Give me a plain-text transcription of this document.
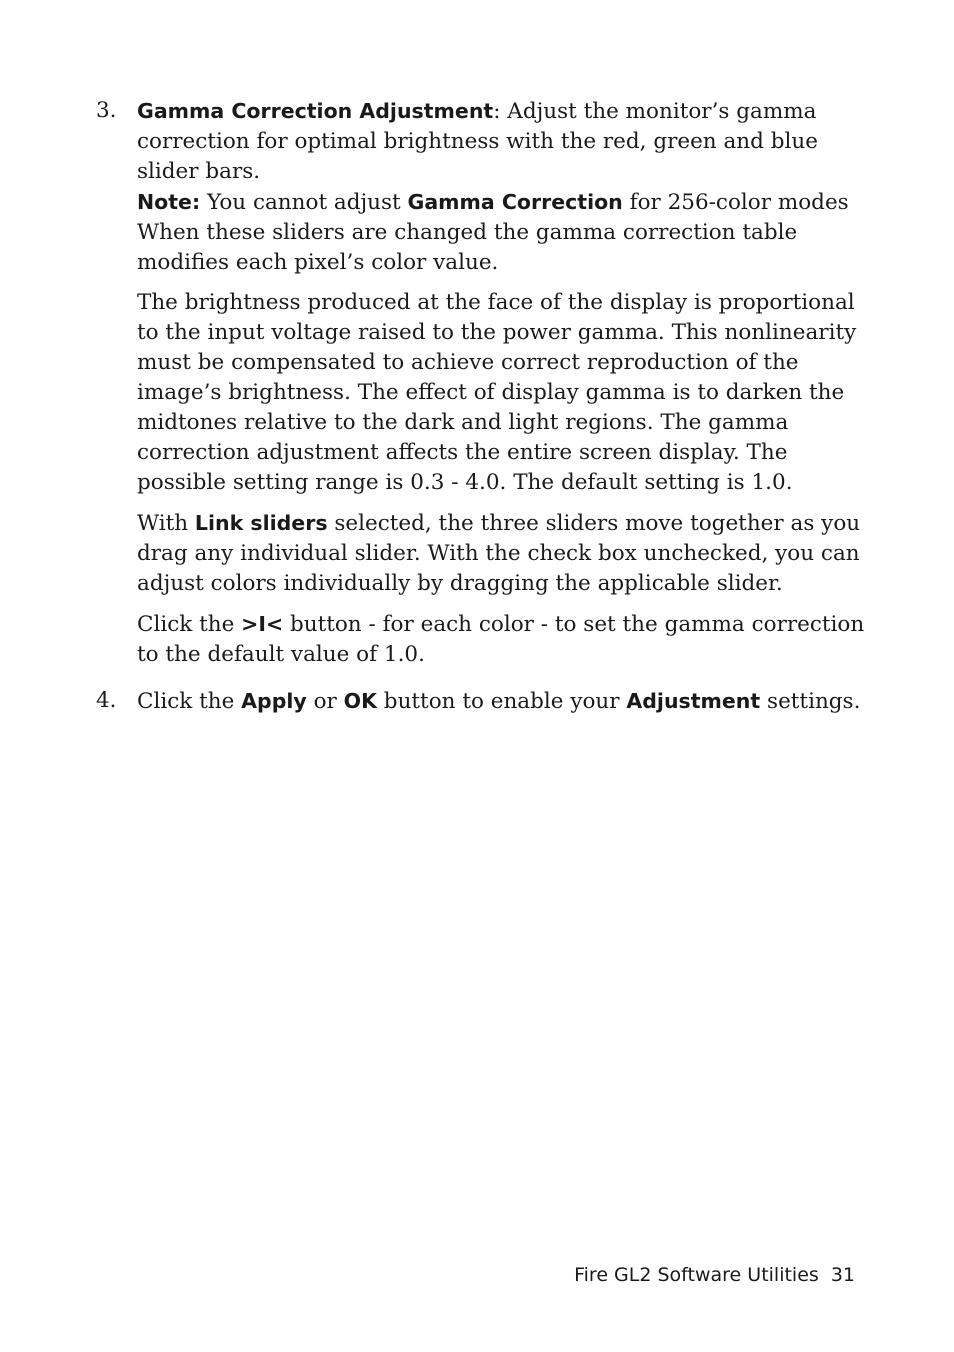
3. Gamma Correction Adjustment: Adjust the monitor’s gamma correction for optimal brightness with the red, green and blue slider bars.

Note: You cannot adjust Gamma Correction for 256-color modes

When these sliders are changed the gamma correction table modifies each pixel’s color value.

The brightness produced at the face of the display is proportional to the input voltage raised to the power gamma. This nonlinearity must be compensated to achieve correct reproduction of the image’s brightness. The effect of display gamma is to darken the midtones relative to the dark and light regions. The gamma correction adjustment affects the entire screen display. The possible setting range is 0.3 - 4.0. The default setting is 1.0.

With Link sliders selected, the three sliders move together as you drag any individual slider. With the check box unchecked, you can adjust colors individually by dragging the applicable slider.

Click the >I< button - for each color - to set the gamma correction to the default value of 1.0.

4. Click the Apply or OK button to enable your Adjustment settings.

Fire GL2 Software Utilities 31
